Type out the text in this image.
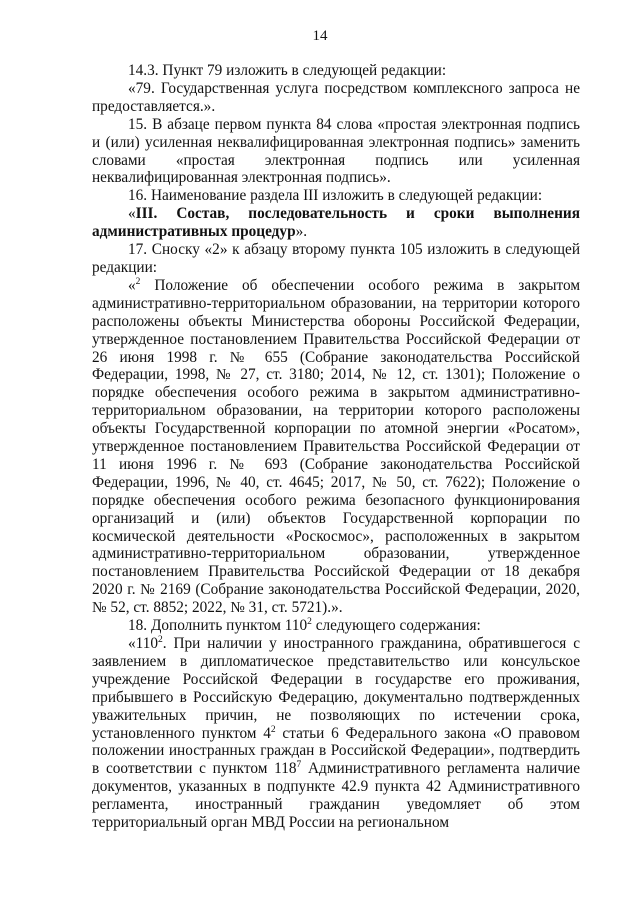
14

14.3. Пункт 79 изложить в следующей редакции:

«79. Государственная услуга посредством комплексного запроса не предоставляется.».

15. В абзаце первом пункта 84 слова «простая электронная подпись и (или) усиленная неквалифицированная электронная подпись» заменить словами «простая электронная подпись или усиленная неквалифицированная электронная подпись».

16. Наименование раздела III изложить в следующей редакции:

«III. Состав, последовательность и сроки выполнения административных процедур».

17. Сноску «2» к абзацу второму пункта 105 изложить в следующей редакции:

«$^2$ Положение об обеспечении особого режима в закрытом административно-территориальном образовании, на территории которого расположены объекты Министерства обороны Российской Федерации, утвержденное постановлением Правительства Российской Федерации от 26 июня 1998 г. № 655 (Собрание законодательства Российской Федерации, 1998, № 27, ст. 3180; 2014, № 12, ст. 1301); Положение о порядке обеспечения особого режима в закрытом административно-территориальном образовании, на территории которого расположены объекты Государственной корпорации по атомной энергии «Росатом», утвержденное постановлением Правительства Российской Федерации от 11 июня 1996 г. № 693 (Собрание законодательства Российской Федерации, 1996, № 40, ст. 4645; 2017, № 50, ст. 7622); Положение о порядке обеспечения особого режима безопасного функционирования организаций и (или) объектов Государственной корпорации по космической деятельности «Роскосмос», расположенных в закрытом административно-территориальном образовании, утвержденное постановлением Правительства Российской Федерации от 18 декабря 2020 г. № 2169 (Собрание законодательства Российской Федерации, 2020, № 52, ст. 8852; 2022, № 31, ст. 5721).».

18. Дополнить пунктом $110^2$ следующего содержания:

«$110^2$. При наличии у иностранного гражданина, обратившегося с заявлением в дипломатическое представительство или консульское учреждение Российской Федерации в государстве его проживания, прибывшего в Российскую Федерацию, документально подтвержденных уважительных причин, не позволяющих по истечении срока, установленного пунктом $4^2$ статьи 6 Федерального закона «О правовом положении иностранных граждан в Российской Федерации», подтвердить в соответствии с пунктом $118^7$ Административного регламента наличие документов, указанных в подпункте 42.9 пункта 42 Административного регламента, иностранный гражданин уведомляет об этом территориальный орган МВД России на региональном
